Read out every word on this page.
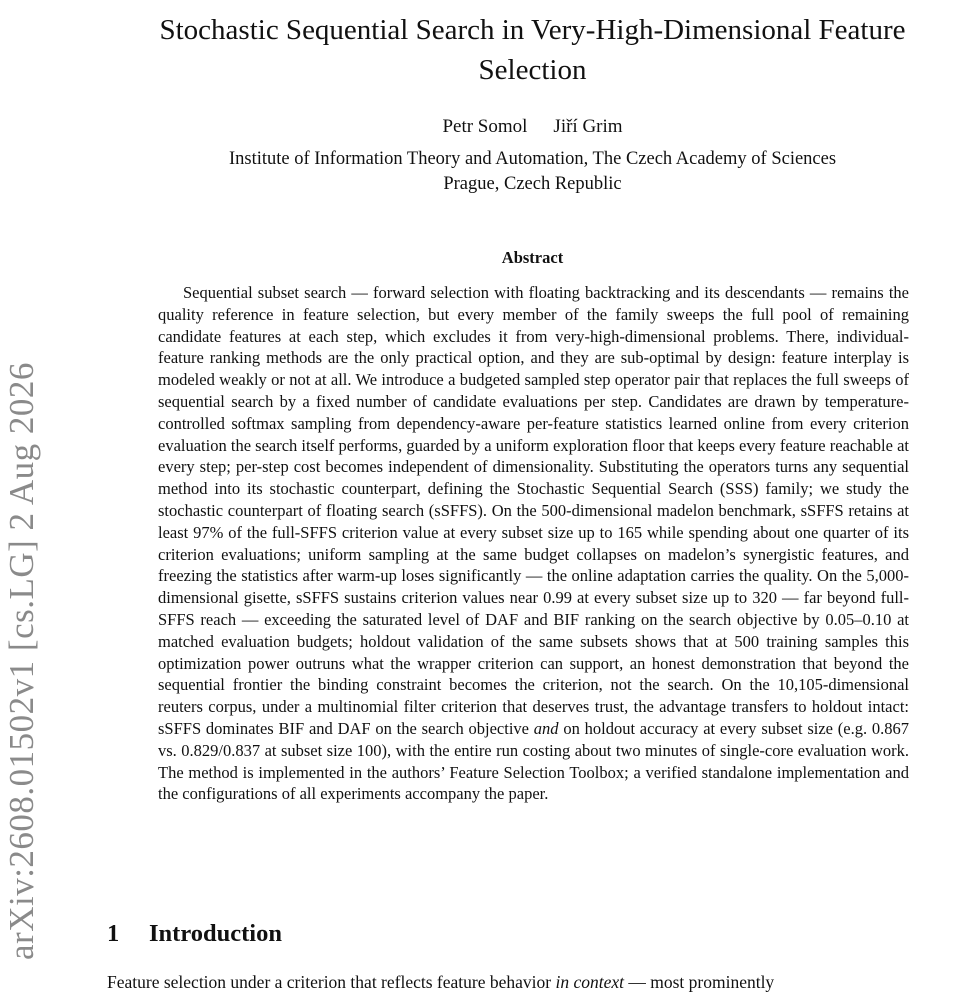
arXiv:2608.01502v1 [cs.LG] 2 Aug 2026
Stochastic Sequential Search in Very-High-Dimensional Feature Selection
Petr Somol Jiří Grim
Institute of Information Theory and Automation, The Czech Academy of Sciences
Prague, Czech Republic
Abstract

Sequential subset search — forward selection with floating backtracking and its descendants — remains the quality reference in feature selection, but every member of the family sweeps the full pool of remaining candidate features at each step, which excludes it from very-high-dimensional problems. There, individual-feature ranking methods are the only practical option, and they are sub-optimal by design: feature interplay is modeled weakly or not at all. We introduce a budgeted sampled step operator pair that replaces the full sweeps of sequential search by a fixed number of candidate evaluations per step. Candidates are drawn by temperature-controlled softmax sampling from dependency-aware per-feature statistics learned online from every criterion evaluation the search itself performs, guarded by a uniform exploration floor that keeps every feature reachable at every step; per-step cost becomes independent of dimensionality. Substituting the operators turns any sequential method into its stochastic counterpart, defining the Stochastic Sequential Search (SSS) family; we study the stochastic counterpart of floating search (sSFFS). On the 500-dimensional madelon benchmark, sSFFS retains at least 97% of the full-SFFS criterion value at every subset size up to 165 while spending about one quarter of its criterion evaluations; uniform sampling at the same budget collapses on madelon’s synergistic features, and freezing the statistics after warm-up loses significantly — the online adaptation carries the quality. On the 5,000-dimensional gisette, sSFFS sustains criterion values near 0.99 at every subset size up to 320 — far beyond full-SFFS reach — exceeding the saturated level of DAF and BIF ranking on the search objective by 0.05–0.10 at matched evaluation budgets; holdout validation of the same subsets shows that at 500 training samples this optimization power outruns what the wrapper criterion can support, an honest demonstration that beyond the sequential frontier the binding constraint becomes the criterion, not the search. On the 10,105-dimensional reuters corpus, under a multinomial filter criterion that deserves trust, the advantage transfers to holdout intact: sSFFS dominates BIF and DAF on the search objective and on holdout accuracy at every subset size (e.g. 0.867 vs. 0.829/0.837 at subset size 100), with the entire run costing about two minutes of single-core evaluation work. The method is implemented in the authors’ Feature Selection Toolbox; a verified standalone implementation and the configurations of all experiments accompany the paper.

1 Introduction

Feature selection under a criterion that reflects feature behavior in context — most prominently
